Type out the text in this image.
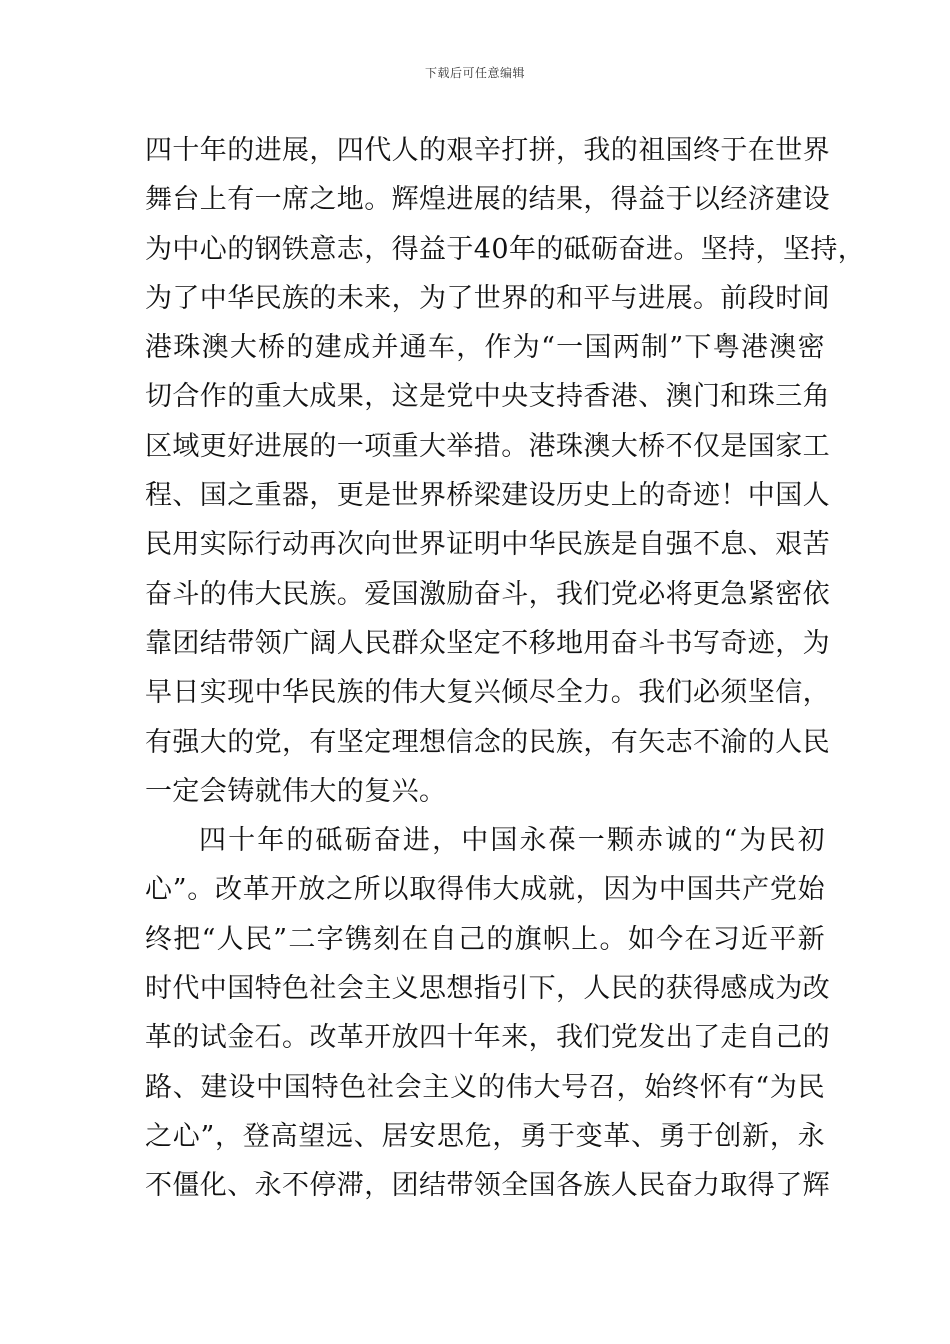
下载后可任意编辑
四十年的进展，四代人的艰辛打拼，我的祖国终于在世界
舞台上有一席之地。辉煌进展的结果，得益于以经济建设
为中心的钢铁意志，得益于40年的砥砺奋进。坚持，坚持，
为了中华民族的未来，为了世界的和平与进展。前段时间
港珠澳大桥的建成并通车，作为“一国两制”下粤港澳密
切合作的重大成果，这是党中央支持香港、澳门和珠三角
区域更好进展的一项重大举措。港珠澳大桥不仅是国家工
程、国之重器，更是世界桥梁建设历史上的奇迹！中国人
民用实际行动再次向世界证明中华民族是自强不息、艰苦
奋斗的伟大民族。爱国激励奋斗，我们党必将更急紧密依
靠团结带领广阔人民群众坚定不移地用奋斗书写奇迹，为
早日实现中华民族的伟大复兴倾尽全力。我们必须坚信，
有强大的党，有坚定理想信念的民族，有矢志不渝的人民
一定会铸就伟大的复兴。
四十年的砥砺奋进，中国永葆一颗赤诚的“为民初
心”。改革开放之所以取得伟大成就，因为中国共产党始
终把“人民”二字镌刻在自己的旗帜上。如今在习近平新
时代中国特色社会主义思想指引下，人民的获得感成为改
革的试金石。改革开放四十年来，我们党发出了走自己的
路、建设中国特色社会主义的伟大号召，始终怀有“为民
之心”，登高望远、居安思危，勇于变革、勇于创新，永
不僵化、永不停滞，团结带领全国各族人民奋力取得了辉
